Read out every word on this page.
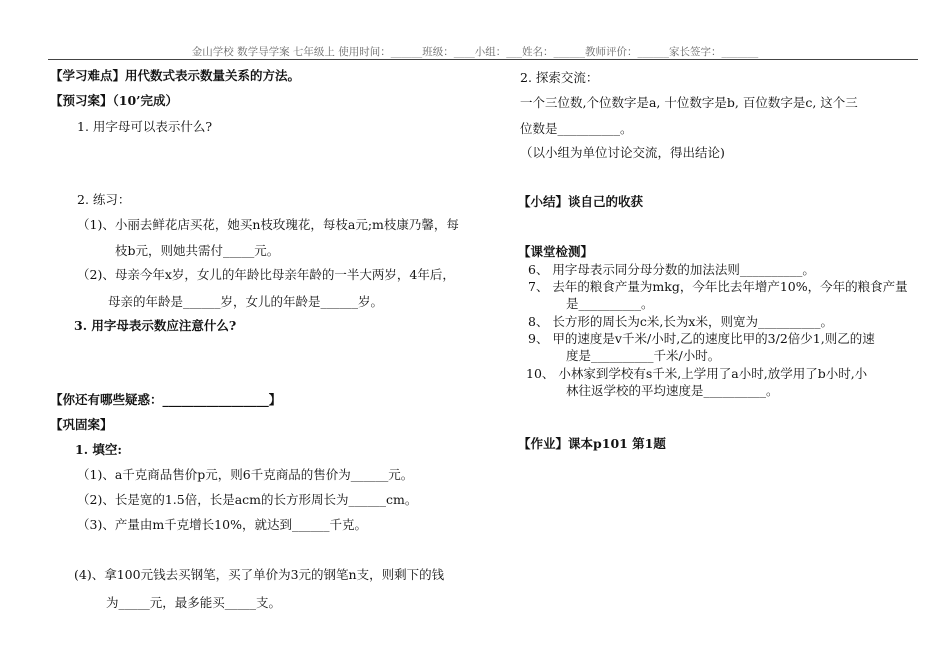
金山学校 数学导学案 七年级上 使用时间：______班级：____小组：___姓名：______教师评价：______家长签字：_______
【学习难点】用代数式表示数量关系的方法。
【预习案】（10’完成）
1. 用字母可以表示什么?
2. 练习：
（1)、小丽去鲜花店买花，她买n枝玫瑰花，每枝a元;m枝康乃馨，每
枝b元，则她共需付_____元。
（2)、母亲今年x岁，女儿的年龄比母亲年龄的一半大两岁，4年后，
母亲的年龄是______岁，女儿的年龄是______岁。
3. 用字母表示数应注意什么?
【你还有哪些疑惑：_________________】
【巩固案】
1. 填空:
（1)、a千克商品售价p元，则6千克商品的售价为______元。
（2)、长是宽的1.5倍，长是acm的长方形周长为______cm。
（3)、产量由m千克增长10%，就达到______千克。
(4)、拿100元钱去买钢笔，买了单价为3元的钢笔n支，则剩下的钱
为_____元，最多能买_____支。
2. 探索交流：
一个三位数,个位数字是a, 十位数字是b, 百位数字是c, 这个三
位数是__________。
（以小组为单位讨论交流，得出结论)
【小结】谈自己的收获
【课堂检测】
6、 用字母表示同分母分数的加法法则__________。
7、 去年的粮食产量为mkg，今年比去年增产10%，今年的粮食产量
是__________。
8、 长方形的周长为c米,长为x米，则宽为__________。
9、 甲的速度是v千米/小时,乙的速度比甲的3/2倍少1,则乙的速
度是__________千米/小时。
10、 小林家到学校有s千米,上学用了a小时,放学用了b小时,小
林往返学校的平均速度是__________。
【作业】课本p101 第1题
